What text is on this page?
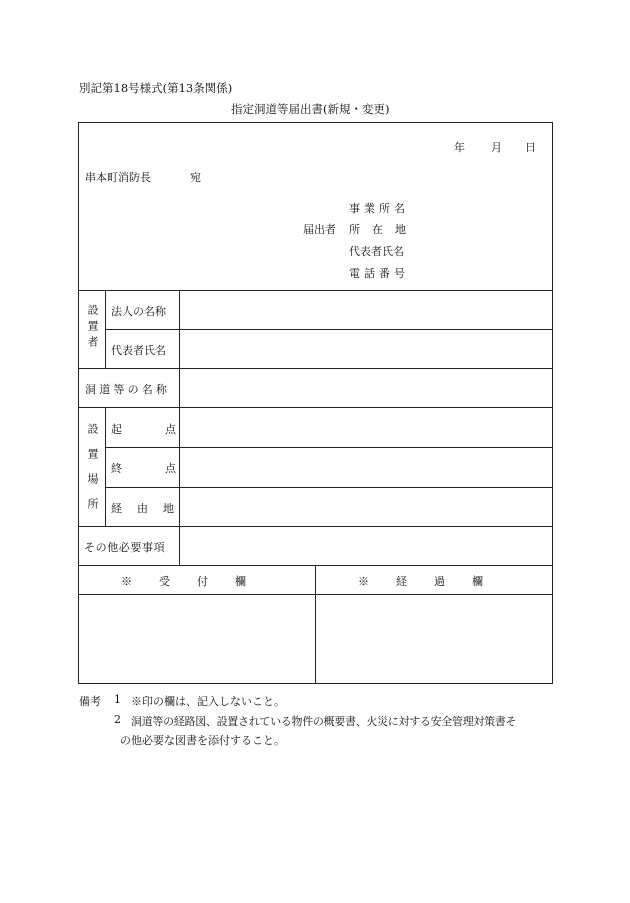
別記第18号様式(第13条関係)
指定洞道等届出書(新規・変更)
年 月 日
串本町消防長	宛
届出者
事業所名
所在地
代表者氏名
電話番号
設置者 法人の名称
代表者氏名
洞道等の名称
設置場所 起点
終点
経由地
その他必要事項
※受付欄	※経過欄
備考 1 ※印の欄は、記入しないこと。
2 洞道等の経路図、設置されている物件の概要書、火災に対する安全管理対策書そ
の他必要な図書を添付すること。
